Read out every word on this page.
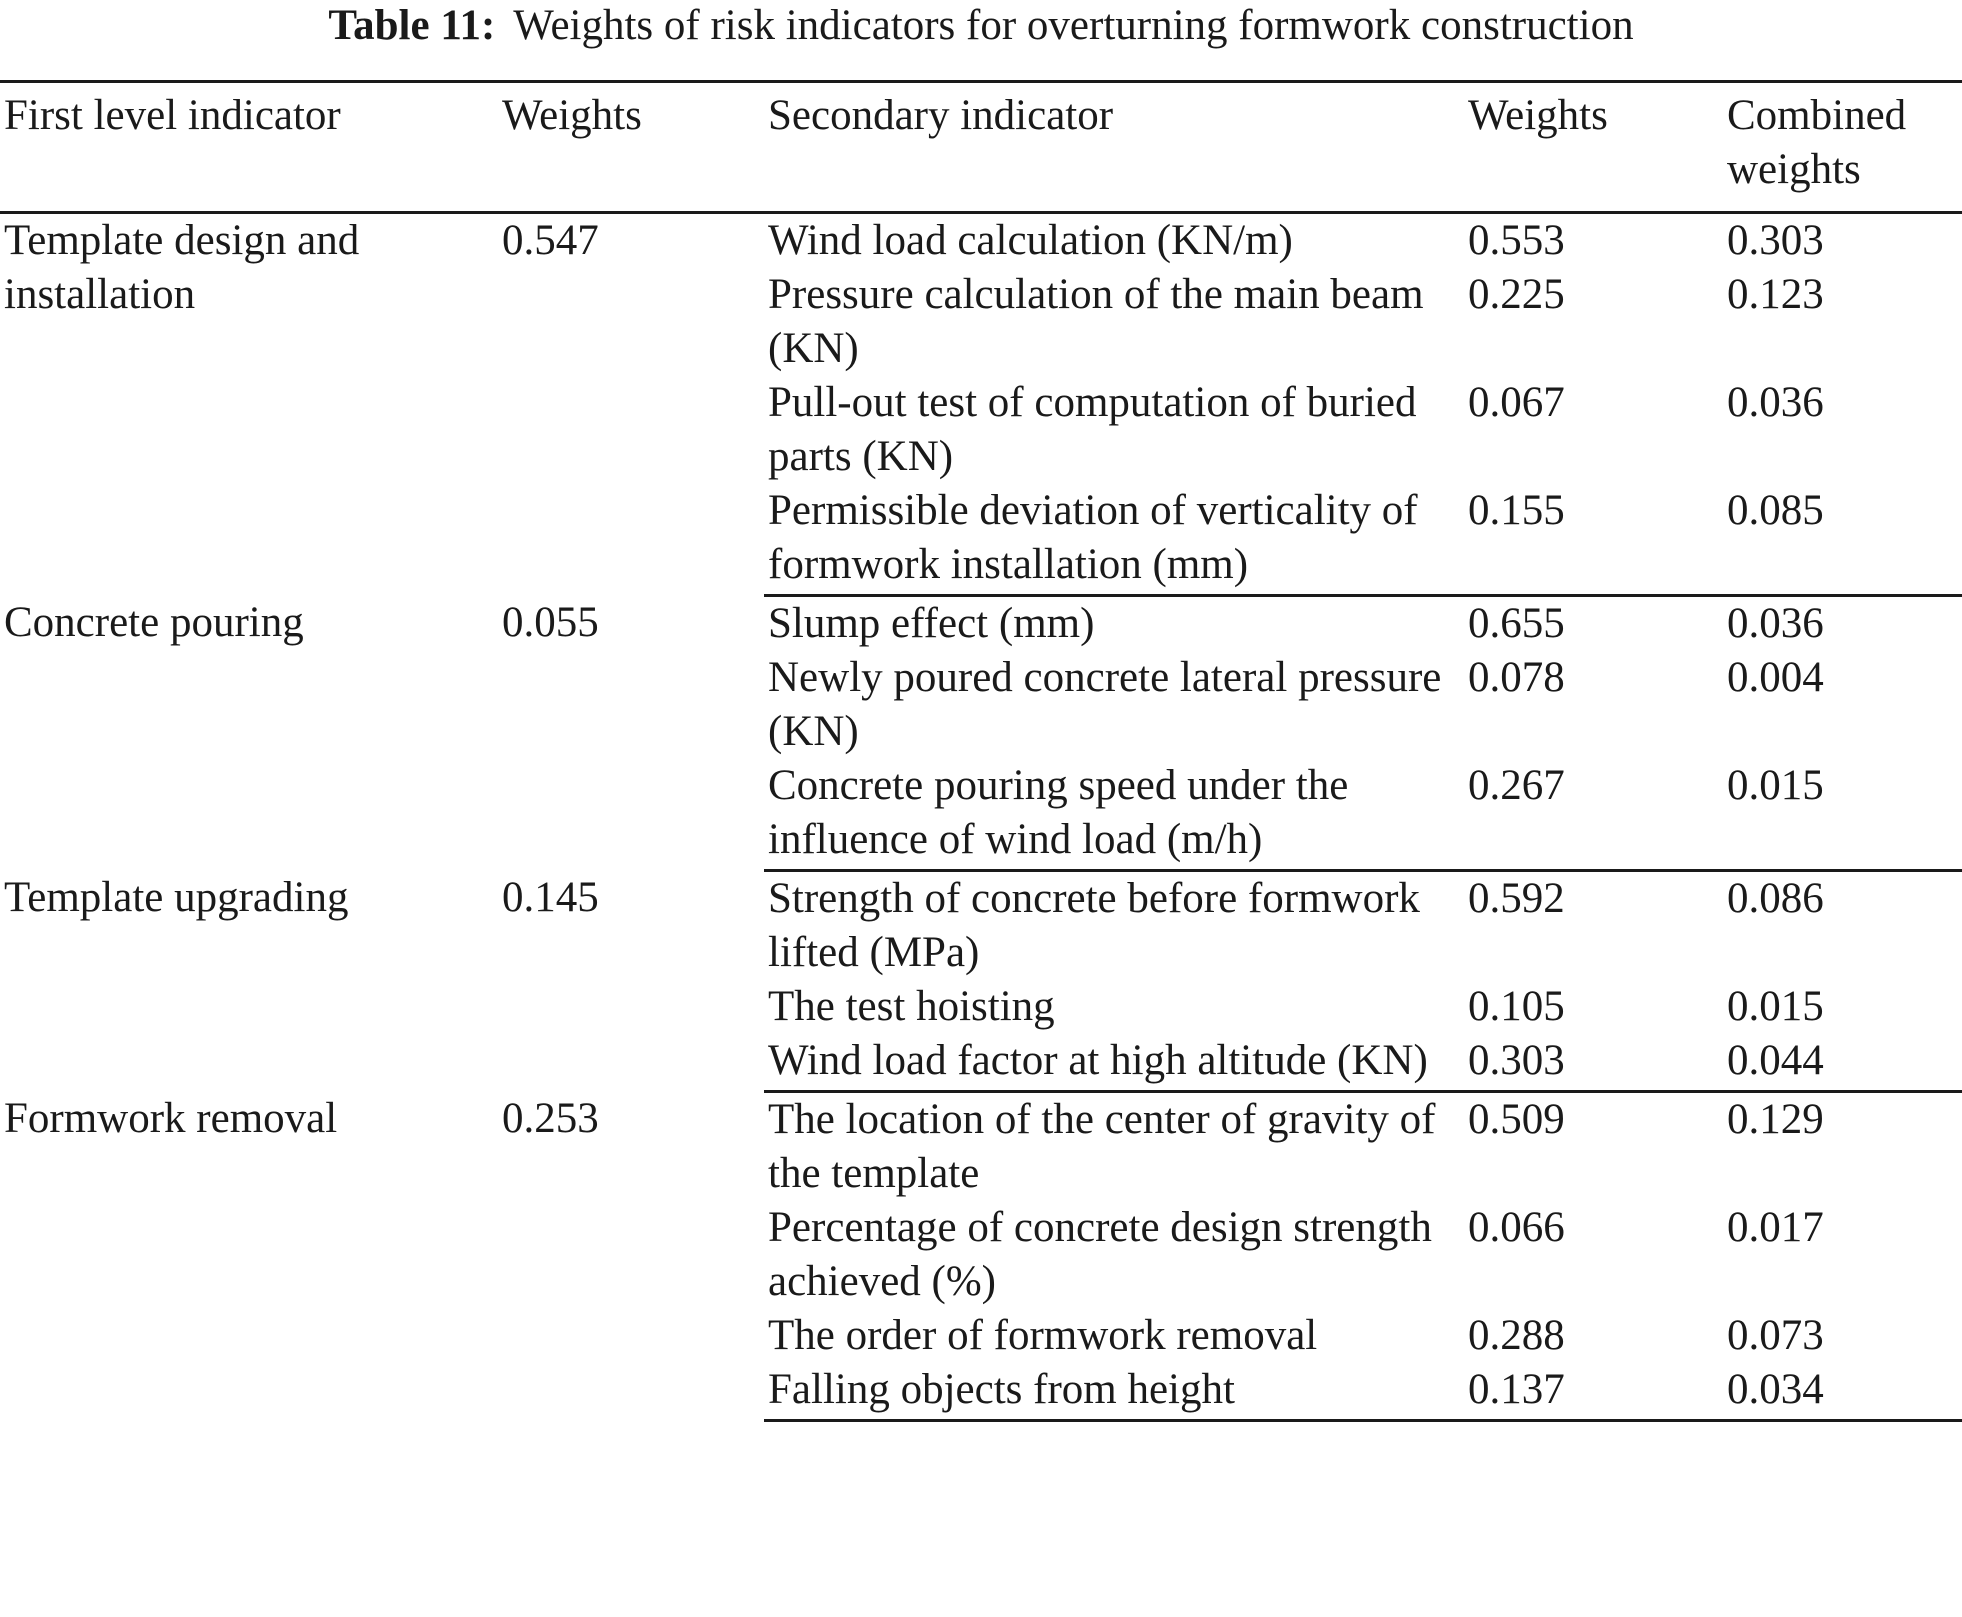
Table 11: Weights of risk indicators for overturning formwork construction
First level indicator	Weights	Secondary indicator	Weights	Combined weights
Template design and installation	0.547	Wind load calculation (KN/m)	0.553	0.303
		Pressure calculation of the main beam (KN)	0.225	0.123
		Pull-out test of computation of buried parts (KN)	0.067	0.036
		Permissible deviation of verticality of formwork installation (mm)	0.155	0.085
Concrete pouring	0.055	Slump effect (mm)	0.655	0.036
		Newly poured concrete lateral pressure (KN)	0.078	0.004
		Concrete pouring speed under the influence of wind load (m/h)	0.267	0.015
Template upgrading	0.145	Strength of concrete before formwork lifted (MPa)	0.592	0.086
		The test hoisting	0.105	0.015
		Wind load factor at high altitude (KN)	0.303	0.044
Formwork removal	0.253	The location of the center of gravity of the template	0.509	0.129
		Percentage of concrete design strength achieved (%)	0.066	0.017
		The order of formwork removal	0.288	0.073
		Falling objects from height	0.137	0.034
